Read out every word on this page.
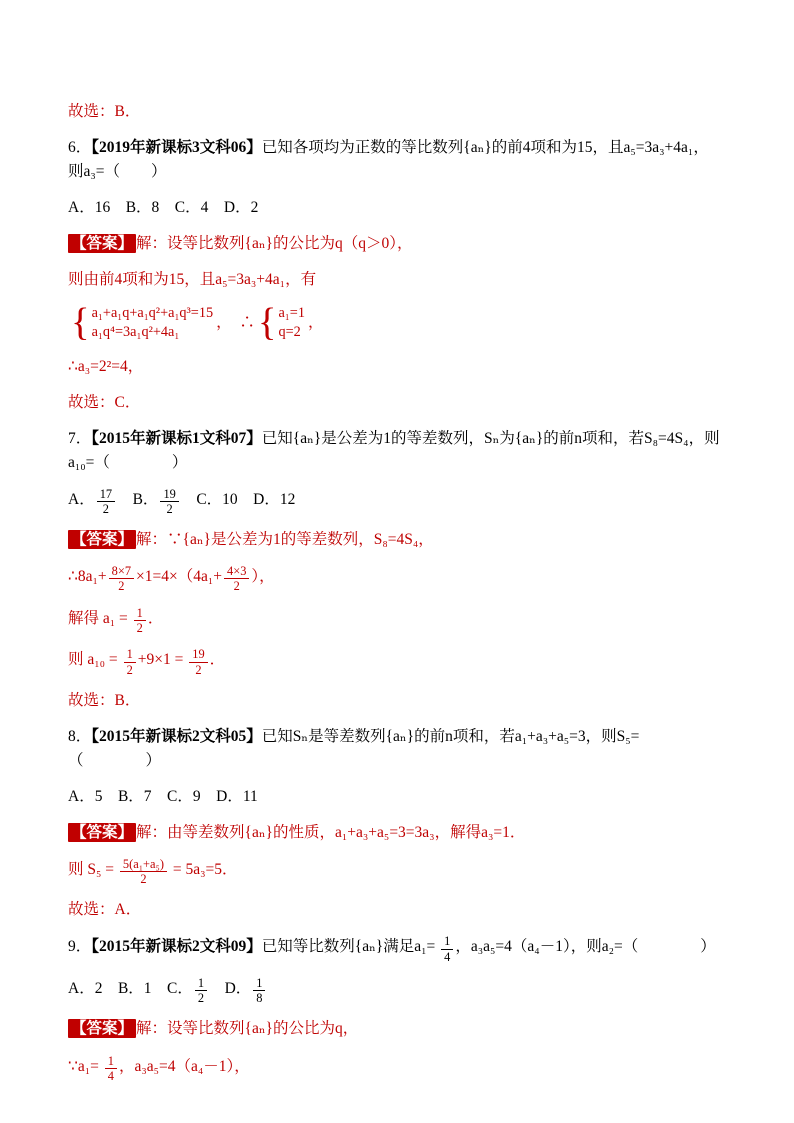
故选：B．
6．【2019年新课标3文科06】已知各项均为正数的等比数列{aₙ}的前4项和为15，且a₅=3a₃+4a₁，则a₃=（　　）
A．16　B．8　C．4　D．2
【答案】 解：设等比数列{aₙ}的公比为q（q＞0），
则由前4项和为15，且a₅=3a₃+4a₁，有
{ a₁+a₁q+a₁q²+a₁q³=15
a₁q⁴=3a₁q²+4a₁
，　∴ { a₁=1
q=2
，
∴a₃=2²=4，
故选：C．
7．【2015年新课标1文科07】已知{aₙ}是公差为1的等差数列，Sₙ为{aₙ}的前n项和，若S₈=4S₄，则a₁₀=（　　　　）
A． $\frac{17}{2}$ 　B． $\frac{19}{2}$ 　C．10　D．12
【答案】 解：∵{aₙ}是公差为1的等差数列，S₈=4S₄，
∴8a₁+ $\frac{8\times 7}{2} \times 1=4\times(4a_1+ \frac{4\times 3}{2}$ ），
解得 $a_1 = \frac{1}{2}$ ．
则 $a_{10} = \frac{1}{2} +9\times 1 = \frac{19}{2}$ ．
故选：B．
8．【2015年新课标2文科05】已知Sₙ是等差数列{aₙ}的前n项和，若a₁+a₃+a₅=3，则S₅=（　　　　）
A．5　B．7　C．9　D．11
【答案】 解：由等差数列{aₙ}的性质，a₁+a₃+a₅=3=3a₃，解得a₃=1．
则 $S_5 = \frac{\text{5(a₁+a₅)}}{2} = 5a_3=5$．
故选：A．
9．【2015年新课标2文科09】已知等比数列{aₙ}满足$a_1= \frac{1}{4}$ ，a₃a₅=4（a₄－1），则a₂=（　　　　）
A．2　B．1　C． $\frac{1}{2}$ 　D． $\frac{1}{8}$
【答案】 解：设等比数列{aₙ}的公比为q，
∵a₁= $\frac{1}{4}$ ，a₃a₅=4（a₄－1），
